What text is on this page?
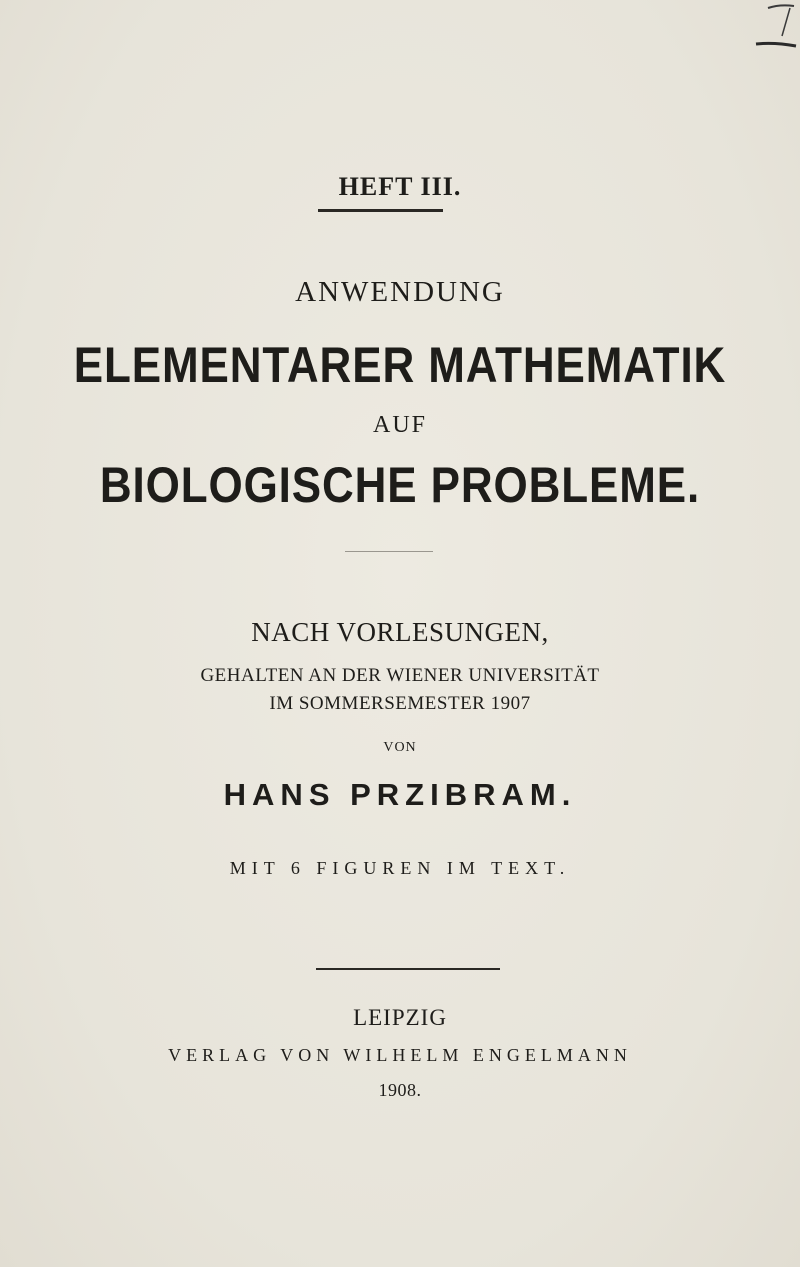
HEFT III.
ANWENDUNG
ELEMENTARER MATHEMATIK
AUF
BIOLOGISCHE PROBLEME.
NACH VORLESUNGEN,
GEHALTEN AN DER WIENER UNIVERSITÄT
IM SOMMERSEMESTER 1907
VON
HANS PRZIBRAM.
MIT 6 FIGUREN IM TEXT.
LEIPZIG
VERLAG VON WILHELM ENGELMANN
1908.
